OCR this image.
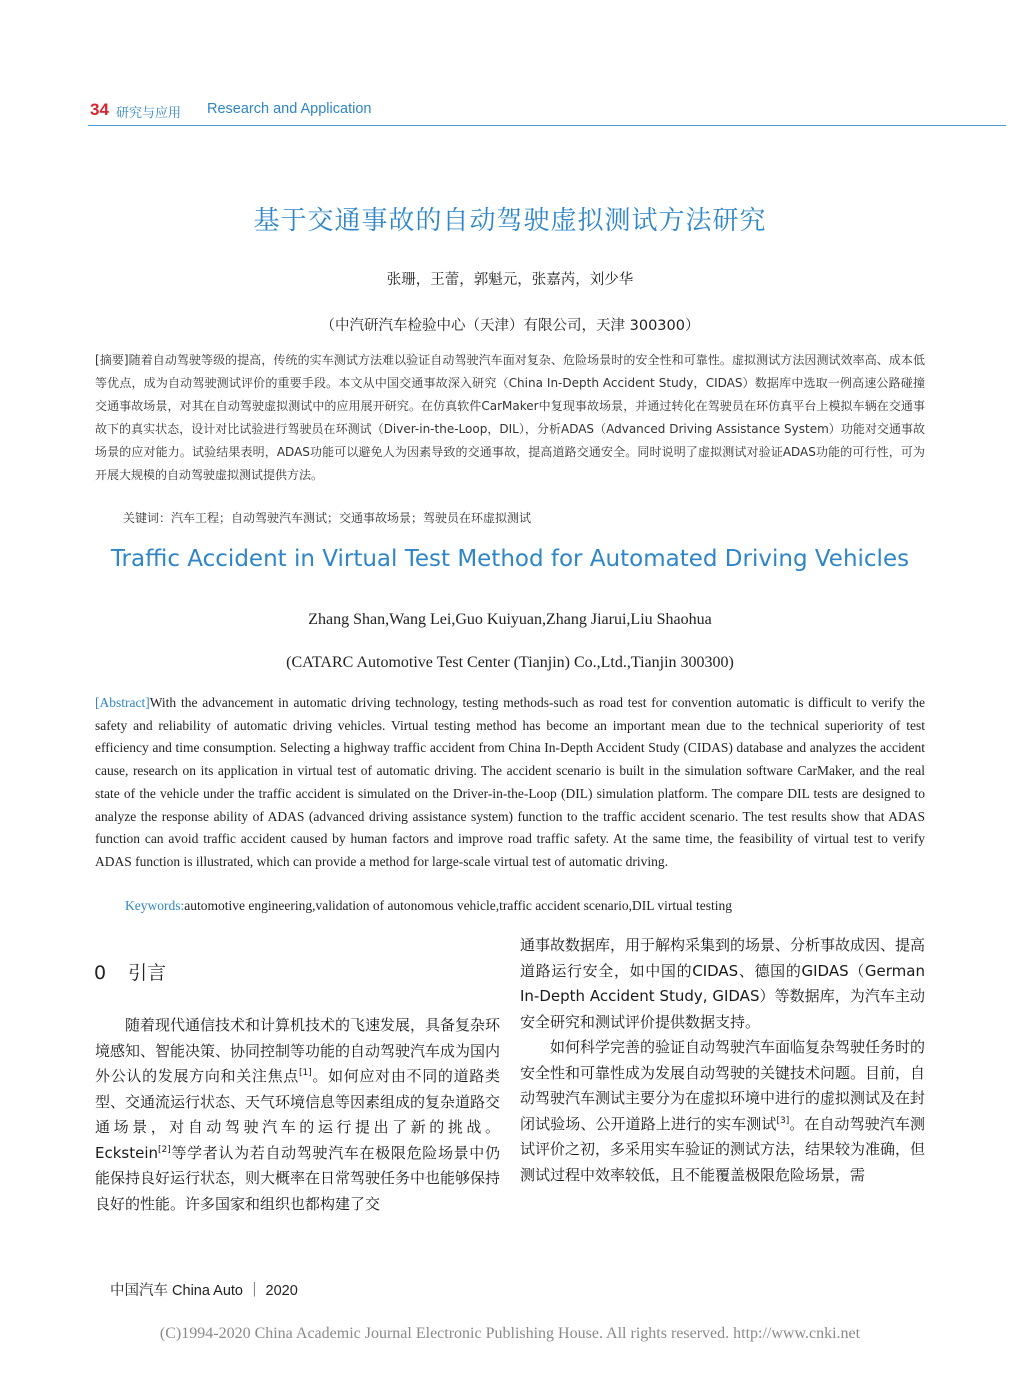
34 研究与应用 Research and Application
基于交通事故的自动驾驶虚拟测试方法研究
张珊，王蕾，郭魁元，张嘉芮，刘少华
（中汽研汽车检验中心（天津）有限公司，天津 300300）
[摘要]随着自动驾驶等级的提高，传统的实车测试方法难以验证自动驾驶汽车面对复杂、危险场景时的安全性和可靠性。虚拟测试方法因测试效率高、成本低等优点，成为自动驾驶测试评价的重要手段。本文从中国交通事故深入研究（China In-Depth Accident Study，CIDAS）数据库中选取一例高速公路碰撞交通事故场景，对其在自动驾驶虚拟测试中的应用展开研究。在仿真软件CarMaker中复现事故场景，并通过转化在驾驶员在环仿真平台上模拟车辆在交通事故下的真实状态，设计对比试验进行驾驶员在环测试（Diver-in-the-Loop，DIL），分析ADAS（Advanced Driving Assistance System）功能对交通事故场景的应对能力。试验结果表明，ADAS功能可以避免人为因素导致的交通事故，提高道路交通安全。同时说明了虚拟测试对验证ADAS功能的可行性，可为开展大规模的自动驾驶虚拟测试提供方法。
关键词：汽车工程；自动驾驶汽车测试；交通事故场景；驾驶员在环虚拟测试
Traffic Accident in Virtual Test Method for Automated Driving Vehicles
Zhang Shan,Wang Lei,Guo Kuiyuan,Zhang Jiarui,Liu Shaohua
(CATARC Automotive Test Center (Tianjin) Co.,Ltd.,Tianjin 300300)
[Abstract]With the advancement in automatic driving technology, testing methods-such as road test for convention automatic is difficult to verify the safety and reliability of automatic driving vehicles. Virtual testing method has become an important mean due to the technical superiority of test efficiency and time consumption. Selecting a highway traffic accident from China In-Depth Accident Study (CIDAS) database and analyzes the accident cause, research on its application in virtual test of automatic driving. The accident scenario is built in the simulation software CarMaker, and the real state of the vehicle under the traffic accident is simulated on the Driver-in-the-Loop (DIL) simulation platform. The compare DIL tests are designed to analyze the response ability of ADAS (advanced driving assistance system) function to the traffic accident scenario. The test results show that ADAS function can avoid traffic accident caused by human factors and improve road traffic safety. At the same time, the feasibility of virtual test to verify ADAS function is illustrated, which can provide a method for large-scale virtual test of automatic driving.
Keywords:automotive engineering,validation of autonomous vehicle,traffic accident scenario,DIL virtual testing
0 引言

随着现代通信技术和计算机技术的飞速发展，具备复杂环境感知、智能决策、协同控制等功能的自动驾驶汽车成为国内外公认的发展方向和关注焦点[1]。如何应对由不同的道路类型、交通流运行状态、天气环境信息等因素组成的复杂道路交通场景，对自动驾驶汽车的运行提出了新的挑战。Eckstein[2]等学者认为若自动驾驶汽车在极限危险场景中仍能保持良好运行状态，则大概率在日常驾驶任务中也能够保持良好的性能。许多国家和组织也都构建了交

通事故数据库，用于解构采集到的场景、分析事故成因、提高道路运行安全，如中国的CIDAS、德国的GIDAS（German In-Depth Accident Study, GIDAS）等数据库，为汽车主动安全研究和测试评价提供数据支持。

如何科学完善的验证自动驾驶汽车面临复杂驾驶任务时的安全性和可靠性成为发展自动驾驶的关键技术问题。目前，自动驾驶汽车测试主要分为在虚拟环境中进行的虚拟测试及在封闭试验场、公开道路上进行的实车测试[3]。在自动驾驶汽车测试评价之初，多采用实车验证的测试方法，结果较为准确，但测试过程中效率较低，且不能覆盖极限危险场景，需

中国汽车 China Auto ｜ 2020
(C)1994-2020 China Academic Journal Electronic Publishing House. All rights reserved. http://www.cnki.net
